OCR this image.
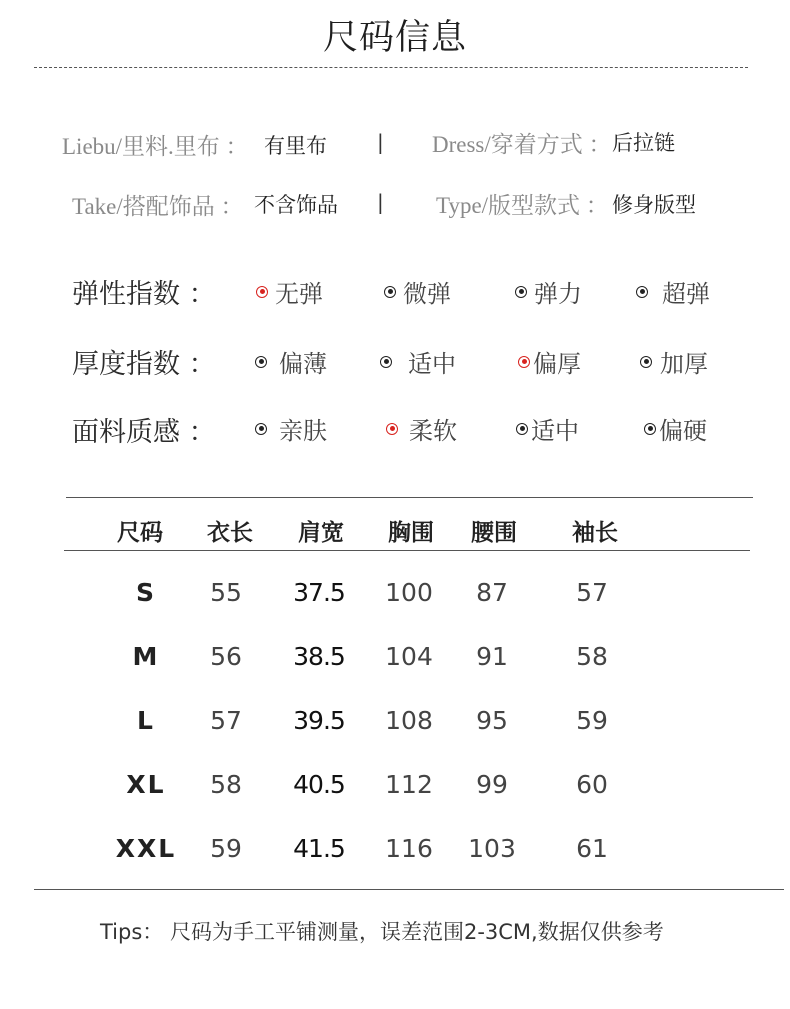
尺码信息
Liebu/里料.里布 ： 有里布	| Dress/穿着方式 ： 后拉链
Take/搭配饰品 ： 不含饰品 | Type/版型款式 ： 修身版型
弹性指数 ： 无弹	微弹	弹力	超弹
厚度指数 ：	偏薄	适中	偏厚	加厚
面料质感 ：	亲肤	柔软	适中	偏硬
尺码	衣长	肩宽	胸围	腰围	袖长
S	55	37.5	100	87	57
M	56	38.5	104	91	58
L	57	39.5	108	95	59
XL	58	40.5	112	99	60
XXL	59	41.5	116	103	61
Tips： 尺码为手工平铺测量，误差范围2-3CM,数据仅供参考
